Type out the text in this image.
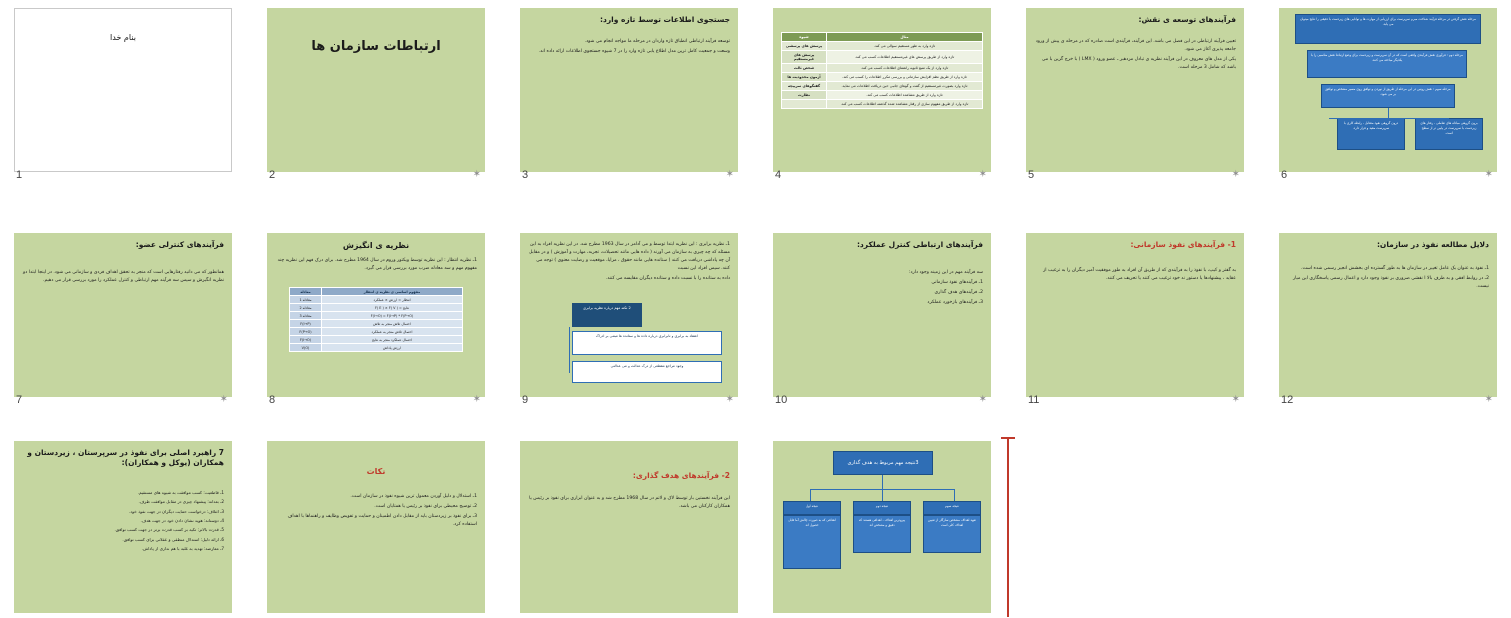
بنام خدا
1
ارتباطات سازمان ها
2	✶
جستجوی اطلاعات توسط تازه وارد:

توسعه فرآیند ارتباطی انطباق تازه واردان در مرحله ما مواجه انجام می شود.

وسعت و جمعیت کامل ترین مدل اطلاع یابی تازه وارد را در 7 شیوه جستجوی اطلاعات ارائه داده اند.

3	✶
مثال	شیوه
تازه وارد به طور مستقیم سوالی می کند.	پرسش های پرسشی
تازه وارد از طریق پرسش های غیرمستقیم اطلاعات کسب می کند.	پرسش های غیرمستقیم
تازه وارد از یک منبع ثانویه راهنمای اطلاعات کسب می کند.	شخص ثالث
تازه وارد از طریق نظم افزایش سازمانی و بررسی مکرر اطلاعات را کسب می کند.	آزمون محدودیت ها
تازه وارد بصورت غیرمستقیم از گفت و گوهای جانبی حین دریافت اطلاعات می نماید.	گفتگوهای سرپیچه
تازه وارد از طریق مشاهده اطلاعات کسب می کند.	نظارت
تازه وارد از طریق مفهوم سازی از رفتار مشاهده شده گذشته اطلاعات کسب می کند.	
4	✶
فرآیندهای توسعه ی نقش:

تعیین فرآیند ارتباطی در این فصل می باشد. این فرآیند، فرآیندی است صادره که در مرحله ی پیش از ورود جامعه پذیری آغاز می شود.

یکی از مدل های معروف در این فرآیند نظریه ی تبادل مزدهبر ـ عضو ورود ( LMX ) با خرج گزین با می باشد که شامل 3 مرحله است.

5	✶
مرحله نقش گرفتن در مرحله فرآیند شناخت مبرم سرپرست برای ارزیابی از مهارت ها و توانایی های زیردست با دقیقی را نتایج میتوان می یابد.
مرحله دوم : فرآوری نقش فرآیندی واقعی است که در آن سرپرست و زیردست برای وضع ارتباط نقش مناسبی را با یکدیگر مباحثه می کنند.
مرحله سوم : نقش روتین در این مرحله از طریق از نوردن و توافق روی مسیر مشخص و توافق بر می شود.
برون گروهی مبادله های تعاملی ، رفتار های زیردست با سرپرست در پایین تر از سطح است.
درون گروهی نفوذ متقابل ، رابطه کاری با سرپرست مفید و قرار دارد.
6	✶
فرآیندهای کنترلی عضو:

همانطور که می دانید رفتارهایی است که منجر به تحقق اهداف فردی و سازمانی می شود. در اینجا ابتدا دو نظریه انگیزش و سپس سه فرآیند مهم ارتباطی و کنترل عملکرد را مورد بررسی قرار می دهیم.

7	✶
نظریه ی انگیزش

1ـ نظریه انتظار : این نظریه توسط ویکتور وروم در سال 1964 مطرح شد. برای درک فهم این نظریه چند مفهوم مهم و سه معادله ضرب مورد بررسی قرار می گیرد.

مفهوم اساسی ی نظریه ی انتظار	معادله
انتظار = ارزش × عملکرد	معادله 1
نتایج = F( E ) × F( V )	معادله 2
F(I→O) = F(I→P) * F(P→O)	معادله 3
احتمال تلاش منجر به تلاش	F(I→P)
احتمال تلاش منجر به عملکرد	F(P→O)
احتمال عملکرد منجر به نتایج	F(I→O)
ارزش پاداش	V(O)
8	✶

1ـ نظریه برابری : این نظریه ابتدا توسط و می آدامز در سال 1963 مطرح شد. در این نظریه افراد به این مسئله که چه چیزی به سازمان می آورند ( داده هایی مانند تحصیلات، تجربه، مهارت و آموزش ) و در مقابل آن چه پاداشی دریافت می کنند ( ستانده هایی مانند حقوق ، مزایا، موقعیت و رضایت معنوی ) توجه می کنند. سپس افراد این نسبت

داده به ستانده را با نسبت داده و ستانده دیگران مقایسه می کنند.

2 نکته مهم درباره نظریه برابری
اعتقاد به برابری و نابرابری درباره داده ها و ستانده ها مبتنی بر ادراک
وجود مراجع مقطعی از درک عدالت و می عدالتی
9	✶
فرآیندهای ارتباطی کنترل عملکرد:

سه فرآیند مهم در این زمینه وجود دارد:

1ـ فرآیندهای نفوذ سازمانی

2ـ فرآیندهای هدف گذاری

3ـ فرآیندهای بازخورد عملکرد

10	✶
1- فرآیندهای نفوذ سازمانی:

به گفتر و کیپ، با نفوذ را به فرآیندی که از طریق آن افراد به طور موفقیت آمیز دیگران را به ترغیب از عقاید ، پیشنهادها یا دستور ند خود ترغیب می کنند یا تحریف می کنند.

11	✶
دلایل مطالعه نفوذ در سازمان:

1ـ نفوذ به عنوان یک عامل تغییر در سازمان ها به طور گسترده ای بخشش انجیز رسمی شده است.

2ـ در روابط افقی و به طرف بالا ا نقشی ضروری بر نفوذ وجود دارد و اعمال رسمی پاسخگاری این میار نیست.

12	✶
7 راهبرد اصلی برای نفوذ در سرپرستان ، زیردستان و همکاران (یوکل و همکاران):

1ـ قاطعیت: کسب موافقت به شیوه های مستقیم.

2ـ بعدانه: پیشنهاد چیزی در مقابل موافقت طرف.

3ـ ائتلاف: درخواست حمایت دیگران در جهت نفوذ خود.

4ـ دوستانه: هوید نشان دادن خود در جهت هدف.

5ـ قدرت بالاتر: تکیه بر کسب قدرت برتر در جهت کسب توافق.

6ـ ارائه دلیل: استدلال منطقی و عقلانی برای کسب توافق.

7ـ معارضه: تهدید به غلبه با هم نداری از پاداش.

نکات

1ـ استدلال و دلیل آوردن معمول ترین شیوه نفوذ در سازمان است.

2ـ توضیح محیطی برای نفوذ بر رئیس یا همتایان است.

3ـ برای نفوذ بر زیردستان باید از مقابل دادن اطمینان و حمایت و تفویض وظایف و راهنماها با اهداف استفاده کرد.

2- فرآیندهای هدف گذاری:

این فرآیند نخستین بار توسط لاک و لاتم در سال 1968 مطرح شد و به عنوان ابزاری برای نفوذ بر رئیس یا همکاران کارکنان می باشد.

3نتیجه مهم مربوط به هدف گذاری
نتیجه اول
اهدافی که به صورت چالش آما قابل حصول اند
نتیجه دوم
پیروترین اهداف ، اهدافی هستند که دقیق و مشخص اند
نتیجه سوم
تعهد اهداف مشخص سازگار از تعیین اهداف کلی است
